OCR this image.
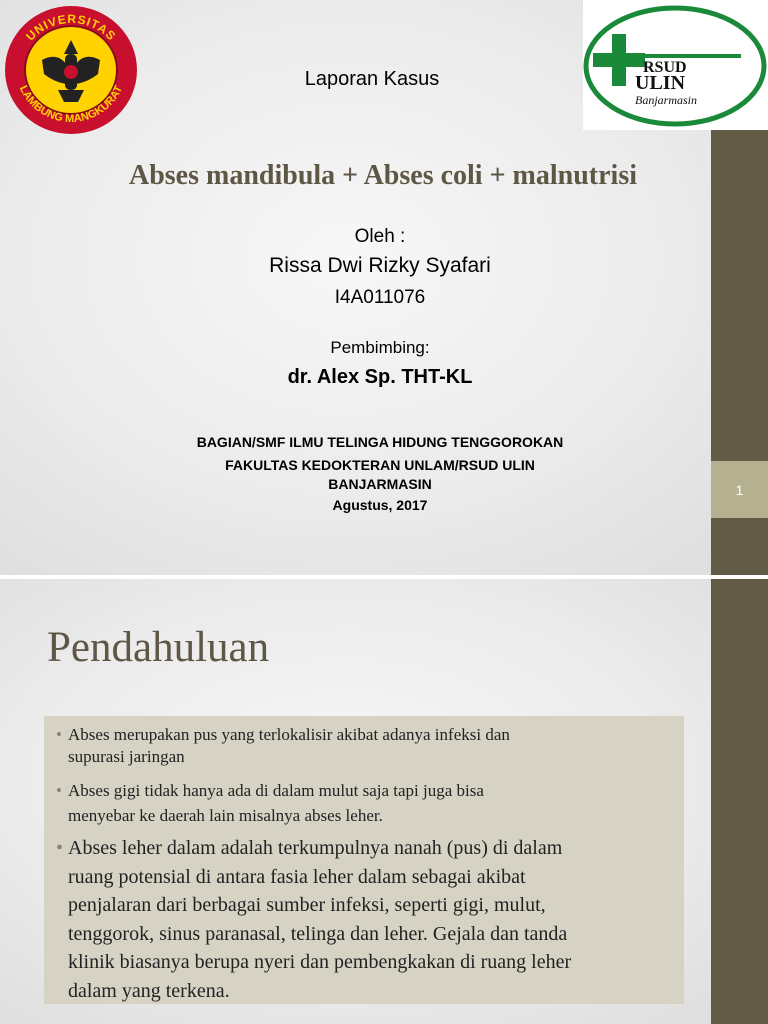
1
UNIVERSITAS
LAMBUNG MANGKURAT
RSUD
ULIN
Banjarmasin
Laporan Kasus
Abses mandibula + Abses coli + malnutrisi
Oleh :
Rissa Dwi Rizky Syafari
I4A011076
Pembimbing:
dr. Alex Sp. THT-KL
BAGIAN/SMF ILMU TELINGA HIDUNG TENGGOROKAN
FAKULTAS KEDOKTERAN UNLAM/RSUD ULIN
BANJARMASIN
Agustus, 2017
Pendahuluan
• Abses merupakan pus yang terlokalisir akibat adanya infeksi dan
supurasi jaringan
• Abses gigi tidak hanya ada di dalam mulut saja tapi juga bisa
menyebar ke daerah lain misalnya abses leher.
• Abses leher dalam adalah terkumpulnya nanah (pus) di dalam
ruang potensial di antara fasia leher dalam sebagai akibat
penjalaran dari berbagai sumber infeksi, seperti gigi, mulut,
tenggorok, sinus paranasal, telinga dan leher. Gejala dan tanda
klinik biasanya berupa nyeri dan pembengkakan di ruang leher
dalam yang terkena.
